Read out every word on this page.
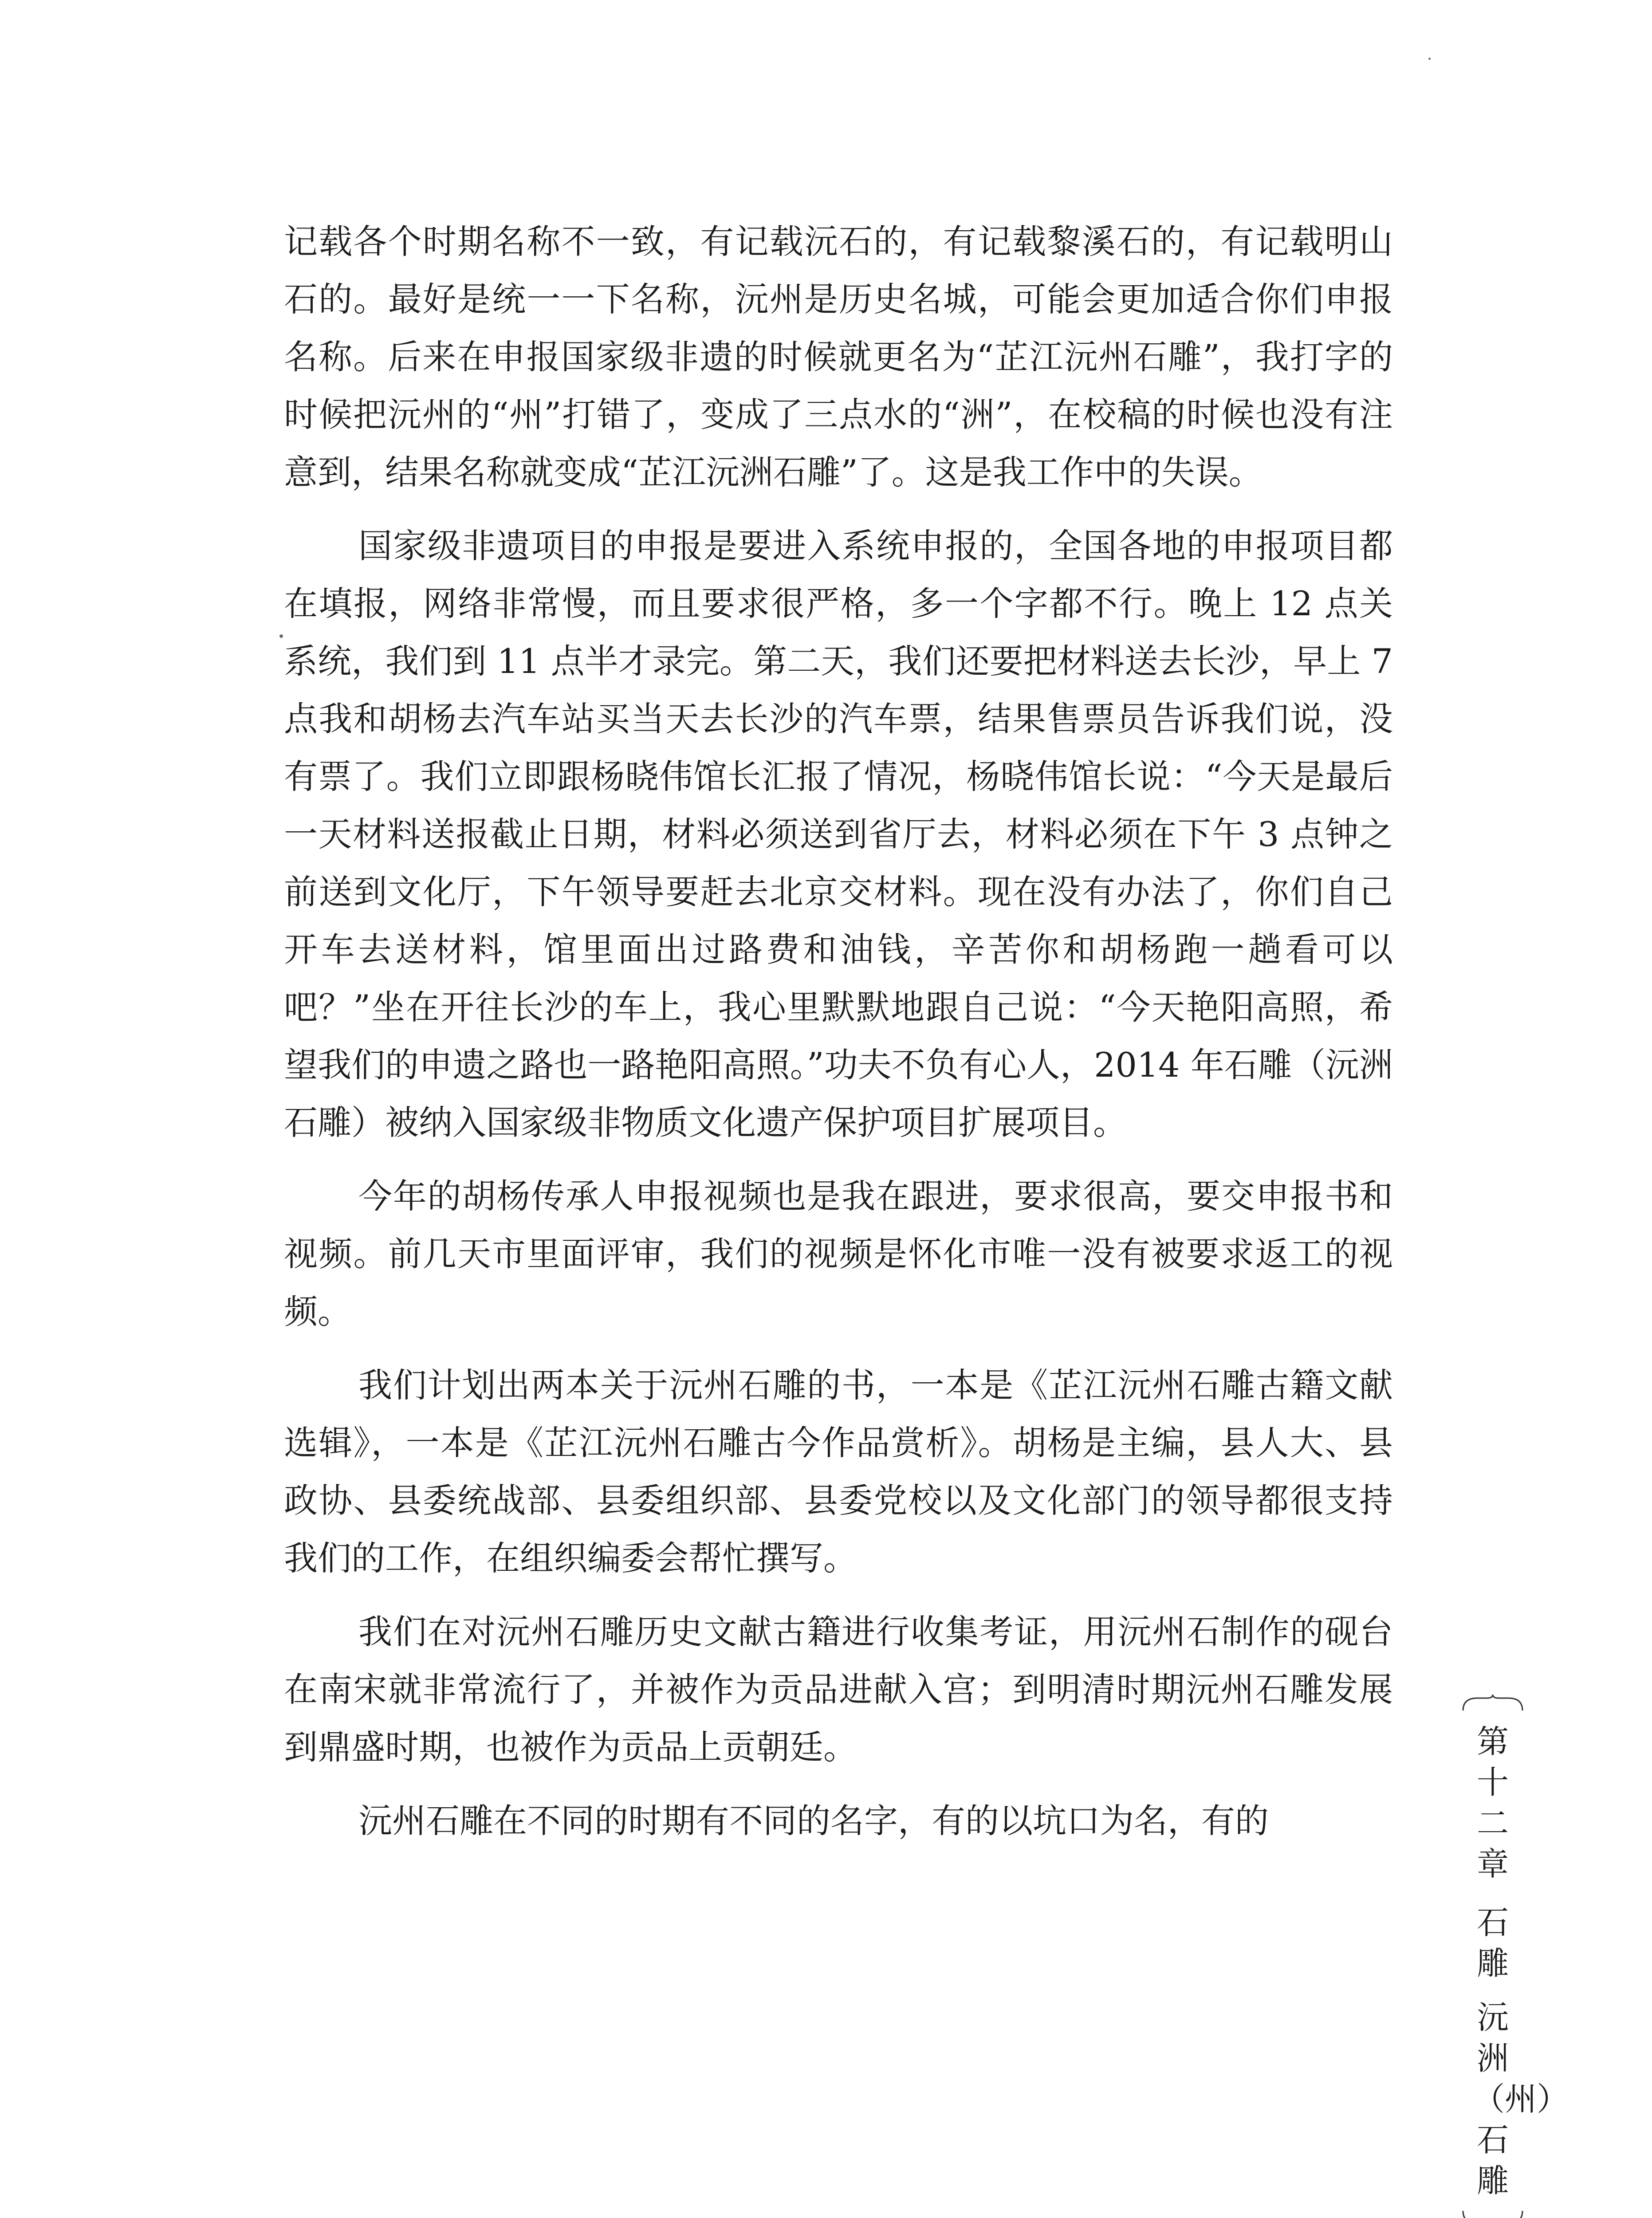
记载各个时期名称不一致，有记载沅石的，有记载黎溪石的，有记载明山石的。最好是统一一下名称，沅州是历史名城，可能会更加适合你们申报名称。后来在申报国家级非遗的时候就更名为“芷江沅州石雕”，我打字的时候把沅州的“州”打错了，变成了三点水的“洲”，在校稿的时候也没有注意到，结果名称就变成“芷江沅洲石雕”了。这是我工作中的失误。

国家级非遗项目的申报是要进入系统申报的，全国各地的申报项目都在填报，网络非常慢，而且要求很严格，多一个字都不行。晚上 12 点关系统，我们到 11 点半才录完。第二天，我们还要把材料送去长沙，早上 7 点我和胡杨去汽车站买当天去长沙的汽车票，结果售票员告诉我们说，没有票了。我们立即跟杨晓伟馆长汇报了情况，杨晓伟馆长说：“今天是最后一天材料送报截止日期，材料必须送到省厅去，材料必须在下午 3 点钟之前送到文化厅，下午领导要赶去北京交材料。现在没有办法了，你们自己开车去送材料，馆里面出过路费和油钱，辛苦你和胡杨跑一趟看可以吧？”坐在开往长沙的车上，我心里默默地跟自己说：“今天艳阳高照，希望我们的申遗之路也一路艳阳高照。”功夫不负有心人，2014 年石雕（沅洲石雕）被纳入国家级非物质文化遗产保护项目扩展项目。

今年的胡杨传承人申报视频也是我在跟进，要求很高，要交申报书和视频。前几天市里面评审，我们的视频是怀化市唯一没有被要求返工的视频。

我们计划出两本关于沅州石雕的书，一本是《芷江沅州石雕古籍文献选辑》，一本是《芷江沅州石雕古今作品赏析》。胡杨是主编，县人大、县政协、县委统战部、县委组织部、县委党校以及文化部门的领导都很支持我们的工作，在组织编委会帮忙撰写。

我们在对沅州石雕历史文献古籍进行收集考证，用沅州石制作的砚台在南宋就非常流行了，并被作为贡品进献入宫；到明清时期沅州石雕发展到鼎盛时期，也被作为贡品上贡朝廷。

沅州石雕在不同的时期有不同的名字，有的以坑口为名，有的

第十二章
石雕
沅洲（州）石雕
